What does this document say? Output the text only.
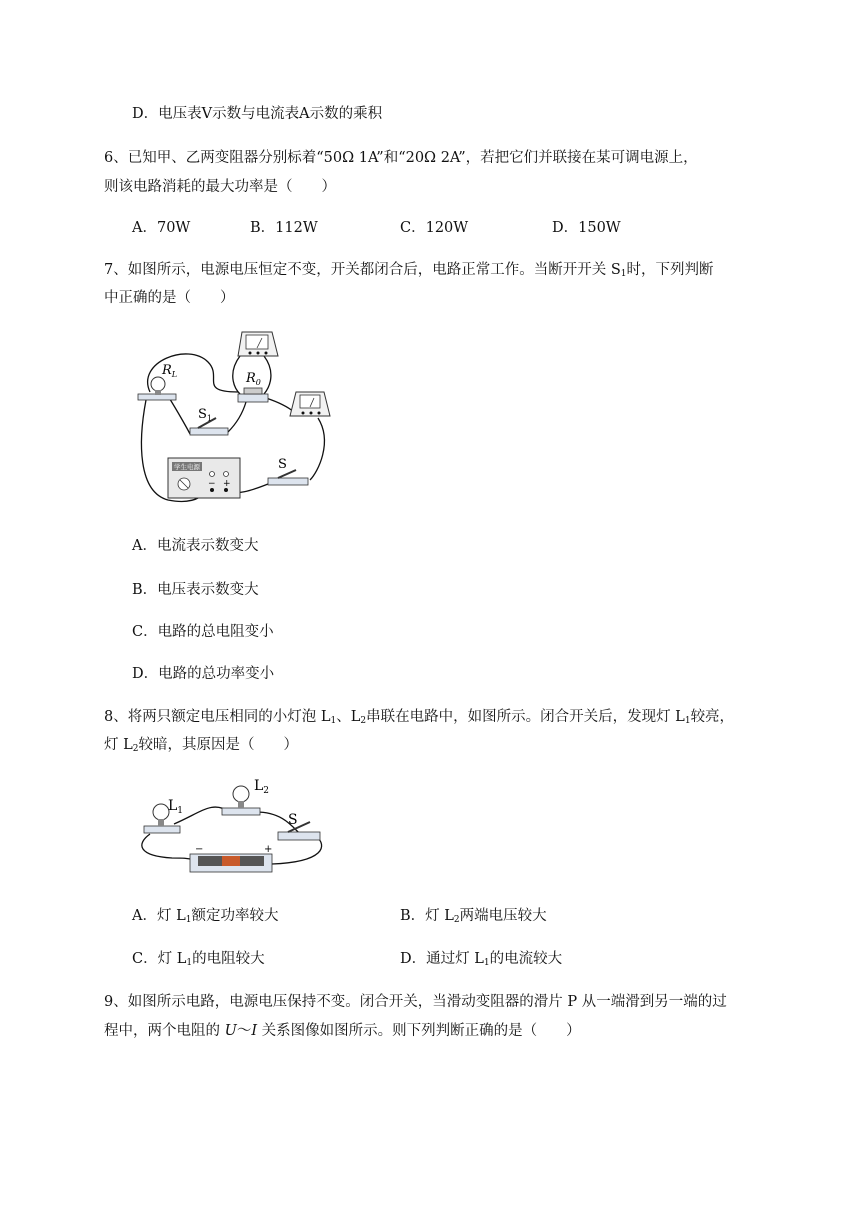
D．电压表V示数与电流表A示数的乘积
6、已知甲、乙两变阻器分别标着“50Ω 1A”和“20Ω 2A”，若把它们并联接在某可调电源上，
则该电路消耗的最大功率是（　　）
A．70W	B．112W	C．120W	D．150W
7、如图所示，电源电压恒定不变，开关都闭合后，电路正常工作。当断开开关 $S_1$时，下列判断
中正确的是（　　）
$R_L$	$R_0$
$S_1$
学生电源
− +
S
A．电流表示数变大
B．电压表示数变大
C．电路的总电阻变小
D．电路的总功率变小
8、将两只额定电压相同的小灯泡 $L_1$、$L_2$串联在电路中，如图所示。闭合开关后，发现灯 $L_1$较亮，
灯 $L_2$较暗，其原因是（　　）
$L_1$
$L_2$
S
−	+
A．灯 $L_1$额定功率较大	B．灯 $L_2$两端电压较大
C．灯 $L_1$的电阻较大	D．通过灯 $L_1$的电流较大
9、如图所示电路，电源电压保持不变。闭合开关，当滑动变阻器的滑片 P 从一端滑到另一端的过
程中，两个电阻的 U～I 关系图像如图所示。则下列判断正确的是（　　）
